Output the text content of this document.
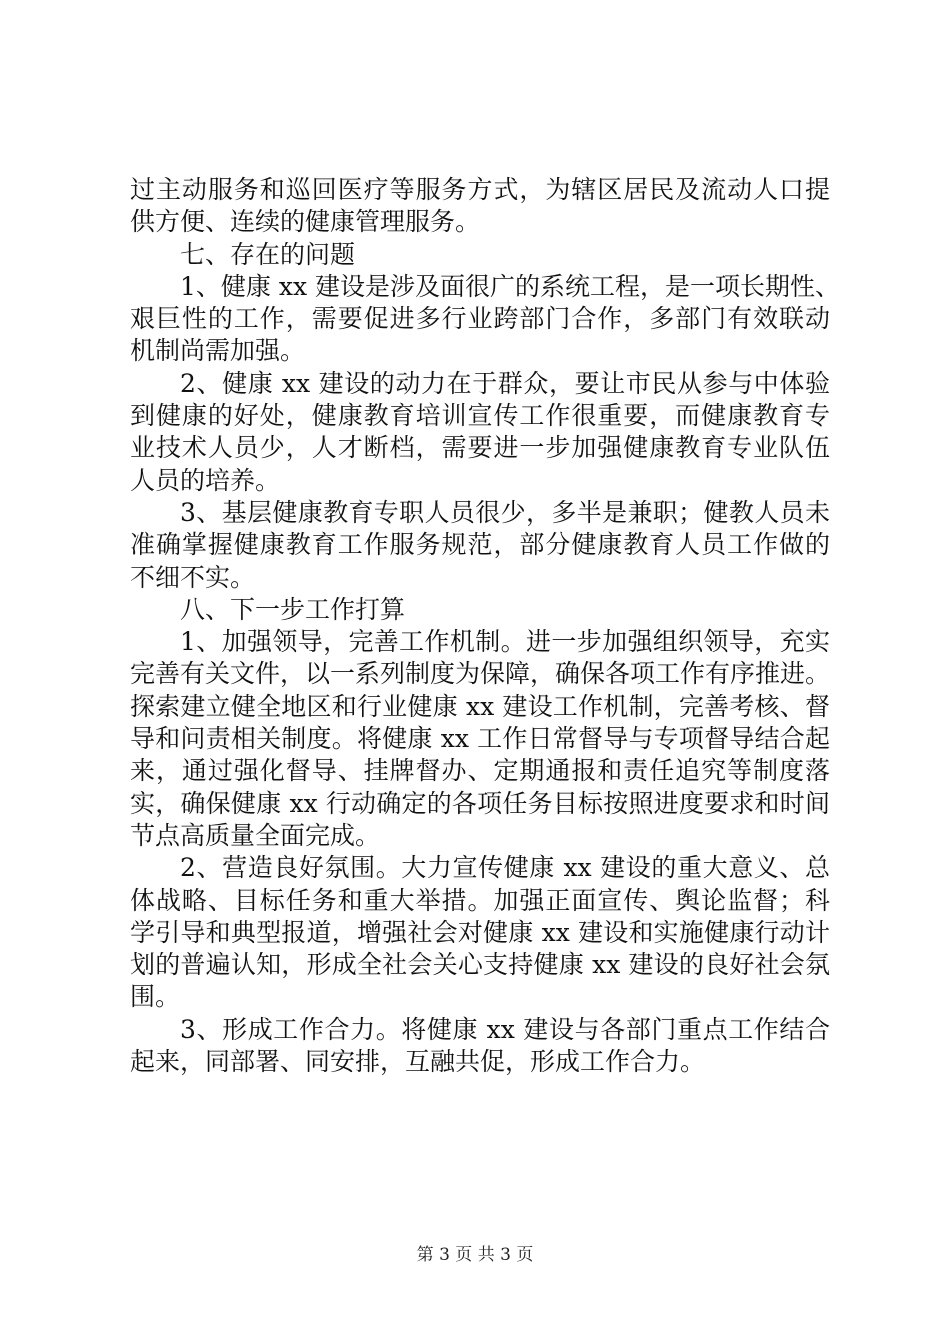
过主动服务和巡回医疗等服务方式，为辖区居民及流动人口提
供方便、连续的健康管理服务。
七、存在的问题
1、健康 xx 建设是涉及面很广的系统工程，是一项长期性、
艰巨性的工作，需要促进多行业跨部门合作，多部门有效联动
机制尚需加强。
2、健康 xx 建设的动力在于群众，要让市民从参与中体验
到健康的好处，健康教育培训宣传工作很重要，而健康教育专
业技术人员少，人才断档，需要进一步加强健康教育专业队伍
人员的培养。
3、基层健康教育专职人员很少，多半是兼职；健教人员未
准确掌握健康教育工作服务规范，部分健康教育人员工作做的
不细不实。
八、下一步工作打算
1、加强领导，完善工作机制。进一步加强组织领导，充实
完善有关文件，以一系列制度为保障，确保各项工作有序推进。
探索建立健全地区和行业健康 xx 建设工作机制，完善考核、督
导和问责相关制度。将健康 xx 工作日常督导与专项督导结合起
来，通过强化督导、挂牌督办、定期通报和责任追究等制度落
实，确保健康 xx 行动确定的各项任务目标按照进度要求和时间
节点高质量全面完成。
2、营造良好氛围。大力宣传健康 xx 建设的重大意义、总
体战略、目标任务和重大举措。加强正面宣传、舆论监督；科
学引导和典型报道，增强社会对健康 xx 建设和实施健康行动计
划的普遍认知，形成全社会关心支持健康 xx 建设的良好社会氛
围。
3、形成工作合力。将健康 xx 建设与各部门重点工作结合
起来，同部署、同安排，互融共促，形成工作合力。
第 3 页 共 3 页
